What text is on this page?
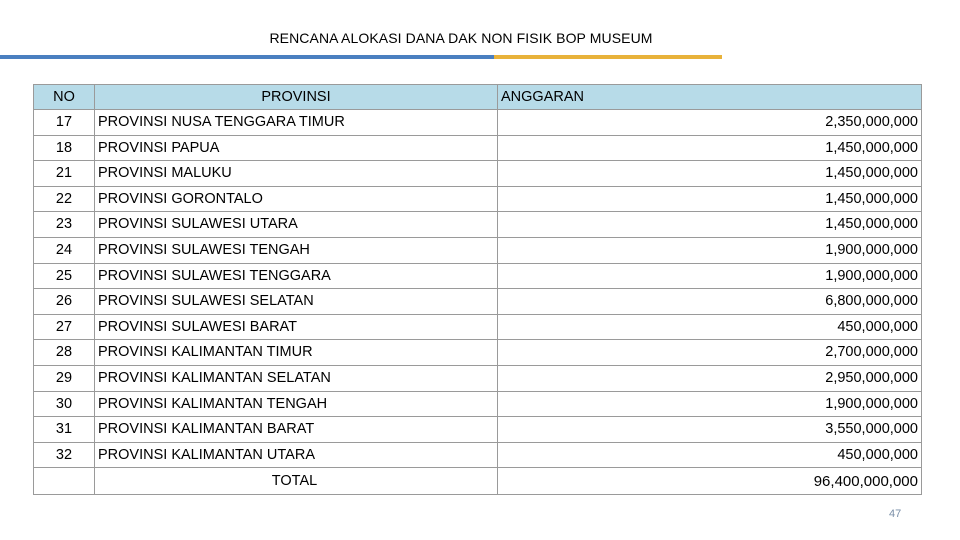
RENCANA ALOKASI DANA DAK NON FISIK BOP MUSEUM
NO	PROVINSI	ANGGARAN
17	PROVINSI NUSA TENGGARA TIMUR	2,350,000,000
18	PROVINSI PAPUA	1,450,000,000
21	PROVINSI MALUKU	1,450,000,000
22	PROVINSI GORONTALO	1,450,000,000
23	PROVINSI SULAWESI UTARA	1,450,000,000
24	PROVINSI SULAWESI TENGAH	1,900,000,000
25	PROVINSI SULAWESI TENGGARA	1,900,000,000
26	PROVINSI SULAWESI SELATAN	6,800,000,000
27	PROVINSI SULAWESI BARAT	450,000,000
28	PROVINSI KALIMANTAN TIMUR	2,700,000,000
29	PROVINSI KALIMANTAN SELATAN	2,950,000,000
30	PROVINSI KALIMANTAN TENGAH	1,900,000,000
31	PROVINSI KALIMANTAN BARAT	3,550,000,000
32	PROVINSI KALIMANTAN UTARA	450,000,000
	TOTAL	96,400,000,000
47
